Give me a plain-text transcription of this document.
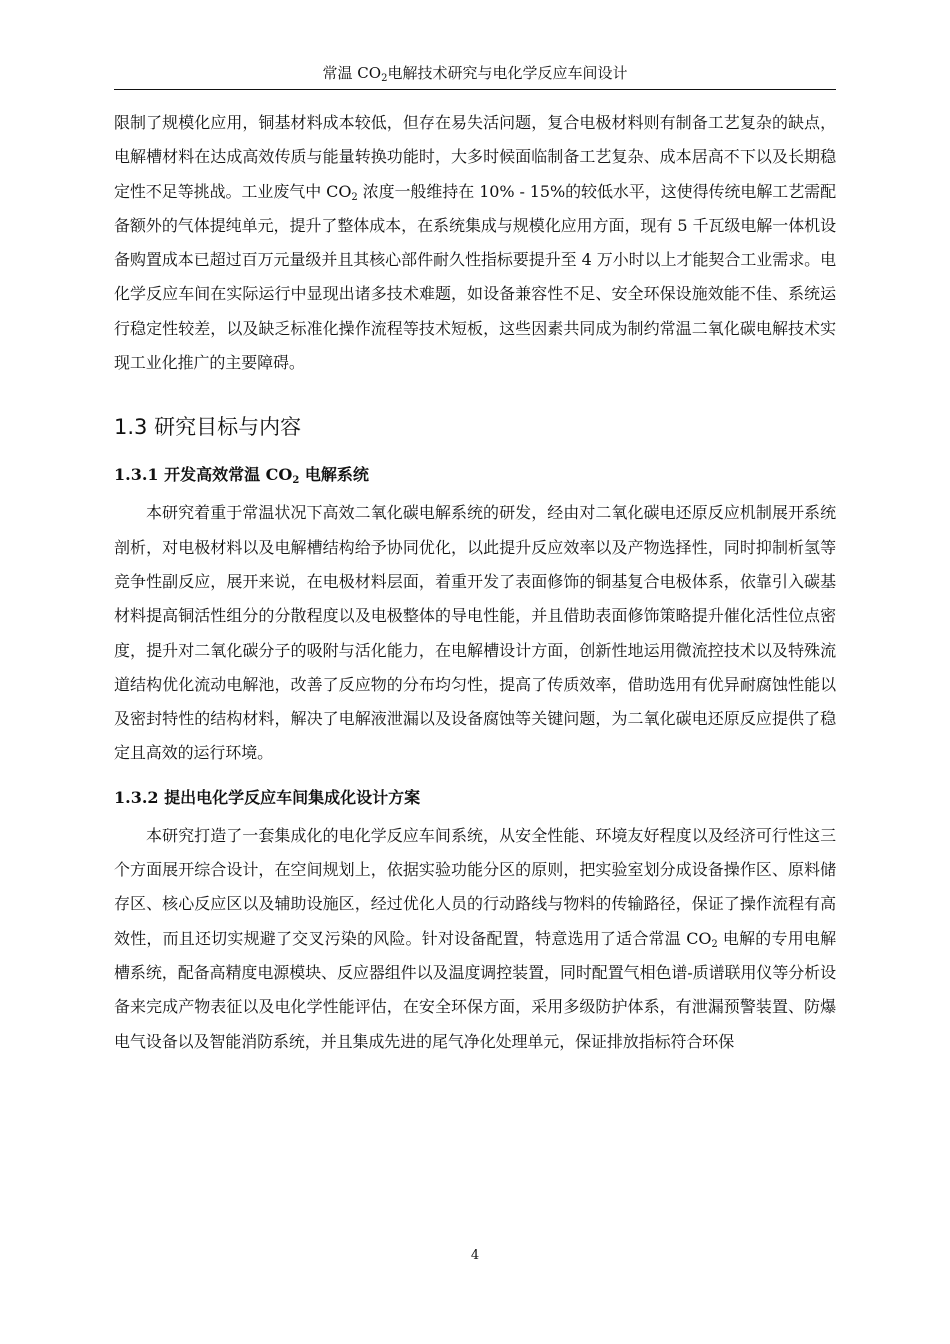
常温 $CO_2$电解技术研究与电化学反应车间设计

限制了规模化应用，铜基材料成本较低，但存在易失活问题，复合电极材料则有制备工艺复杂的缺点，电解槽材料在达成高效传质与能量转换功能时，大多时候面临制备工艺复杂、成本居高不下以及长期稳定性不足等挑战。工业废气中 $CO_2$ 浓度一般维持在 10% - 15%的较低水平，这使得传统电解工艺需配备额外的气体提纯单元，提升了整体成本，在系统集成与规模化应用方面，现有 5 千瓦级电解一体机设备购置成本已超过百万元量级并且其核心部件耐久性指标要提升至 4 万小时以上才能契合工业需求。电化学反应车间在实际运行中显现出诸多技术难题，如设备兼容性不足、安全环保设施效能不佳、系统运行稳定性较差，以及缺乏标准化操作流程等技术短板，这些因素共同成为制约常温二氧化碳电解技术实现工业化推广的主要障碍。

1.3 研究目标与内容
1.3.1 开发高效常温 $CO_2$ 电解系统

本研究着重于常温状况下高效二氧化碳电解系统的研发，经由对二氧化碳电还原反应机制展开系统剖析，对电极材料以及电解槽结构给予协同优化，以此提升反应效率以及产物选择性，同时抑制析氢等竞争性副反应，展开来说，在电极材料层面，着重开发了表面修饰的铜基复合电极体系，依靠引入碳基材料提高铜活性组分的分散程度以及电极整体的导电性能，并且借助表面修饰策略提升催化活性位点密度，提升对二氧化碳分子的吸附与活化能力，在电解槽设计方面，创新性地运用微流控技术以及特殊流道结构优化流动电解池，改善了反应物的分布均匀性，提高了传质效率，借助选用有优异耐腐蚀性能以及密封特性的结构材料，解决了电解液泄漏以及设备腐蚀等关键问题，为二氧化碳电还原反应提供了稳定且高效的运行环境。

1.3.2 提出电化学反应车间集成化设计方案

本研究打造了一套集成化的电化学反应车间系统，从安全性能、环境友好程度以及经济可行性这三个方面展开综合设计，在空间规划上，依据实验功能分区的原则，把实验室划分成设备操作区、原料储存区、核心反应区以及辅助设施区，经过优化人员的行动路线与物料的传输路径，保证了操作流程有高效性，而且还切实规避了交叉污染的风险。针对设备配置，特意选用了适合常温 $CO_2$ 电解的专用电解槽系统，配备高精度电源模块、反应器组件以及温度调控装置，同时配置气相色谱-质谱联用仪等分析设备来完成产物表征以及电化学性能评估，在安全环保方面，采用多级防护体系，有泄漏预警装置、防爆电气设备以及智能消防系统，并且集成先进的尾气净化处理单元，保证排放指标符合环保

4
